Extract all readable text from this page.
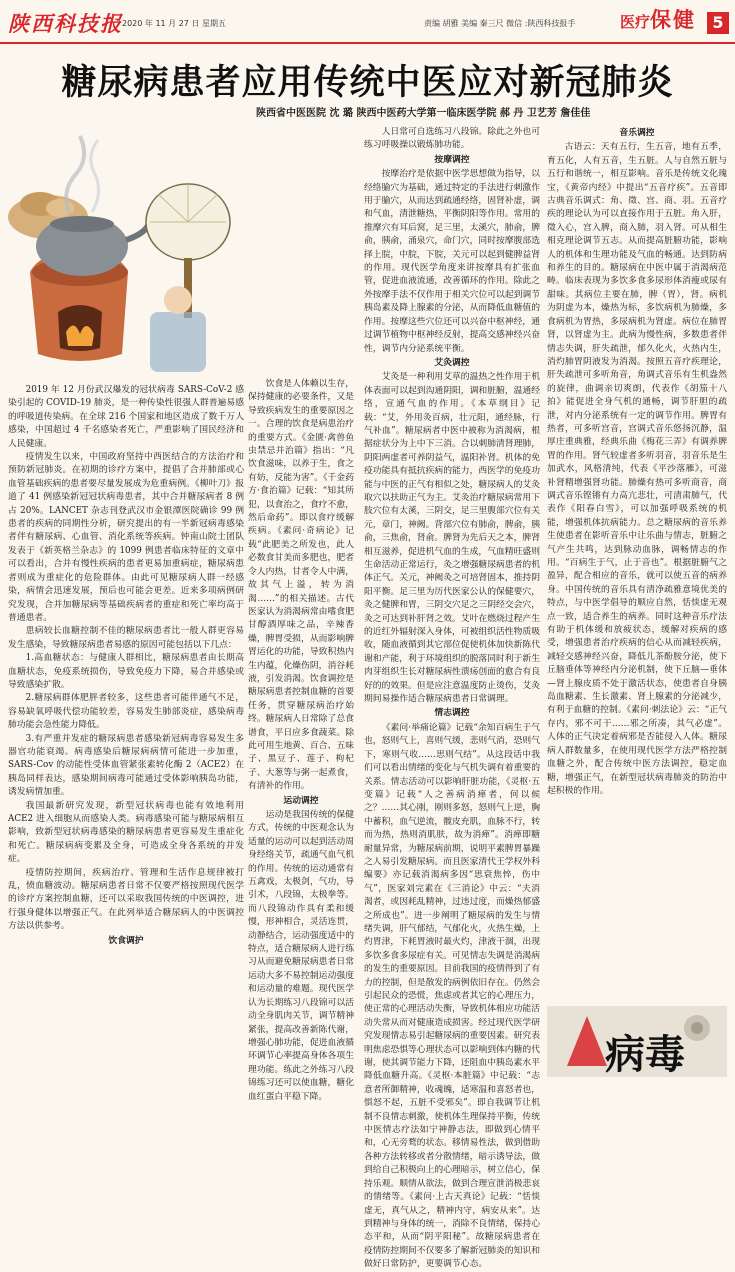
陕西科技报 2020 年 11 月 27 日 星期五	责编 胡雅 美编 秦三尺 微信 :陕西科技报手	医疗 保健	5
糖尿病患者应用传统中医应对新冠肺炎
陕西省中医医院 沈 璐 陕西中医药大学第一临床医学院 郝 丹 卫艺芳 詹佳佳

2019 年 12 月份武汉爆发的冠状病毒 SARS-CoV-2 感染引起的 COVID-19 肺炎，是一种传染性很强人群普遍易感的呼吸道传染病。在全球 216 个国家和地区造成了数千万人感染，中国超过 4 千名感染者死亡，严重影响了国民经济和人民健康。

疫情发生以来，中国政府坚持中西医结合的方法治疗和预防新冠肺炎。在初期的诊疗方案中，提倡了合并肺部或心血管基础疾病的患者要尽量发展成为危重病例。《柳叶刀》报道了 41 例感染新冠冠状病毒患者，其中合并糖尿病者 8 例占 20%。LANCET 杂志刊登武汉市金银潭医院确诊 99 例患者的疾病的同期性分析，研究提出的有一半新冠病毒感染者伴有糖尿病、心血管、消化系统等疾病。钟南山院士团队发表于《新英格兰杂志》的 1099 例患者临床特征的文章中可以看出，合并有慢性疾病的患者更易加重病症，糖尿病患者则成为重症化的危险群体。由此可见糖尿病人群一经感染，病情会迅速发展，预后也可能会更差。近来多项病例研究发现，合并加糖尿病等基础疾病者的重症和死亡率均高于普通患者。

患病较长血糖控制不佳的糖尿病患者比一般人群更容易发生感染，导致糖尿病患者易感的原因可能包括以下几点：

1.高血糖状态：与健康人群相比，糖尿病患者由长期高血糖状态，免疫系统损伤，导致免疫力下降，易合并感染或导致感染扩散。

2.糖尿病群体肥胖者较多，这些患者可能伴通气不足，容易缺氧呼吸代偿功能较差，容易发生肺部炎症，感染病毒肺功能会急性能力降低。

3.有严重并发症的糖尿病患者感染新冠病毒容易发生多器官功能衰竭。病毒感染后糖尿病病情可能进一步加重，SARS-Cov 的动能性受体血管紧张素转化酶 2（ACE2）在胰岛同样表达，感染期间病毒可能通过受体影响胰岛功能，诱发病情加重。

我国最新研究发现，新型冠状病毒也能有效地利用 ACE2 进入细胞从而感染人类。病毒感染可能与糖尿病相互影响，致新型冠状病毒感染的糖尿病患者更容易发生重症化和死亡。糖尿病病变累及全身，可造成全身各系统的并发症。

疫情防控期间，疾病治疗、管理和生活作息规律被打乱，愤血糖波动。糖尿病患者日常不仅要严格按照现代医学的诊疗方案控制血糖，还可以采取我国传统的中医调控，进行强身健体以增强正气。在此列举适合糖尿病人的中医调控方法以供参考。

饮食调护

饮食是人体赖以生存，保持健康的必要条件，又是导致疾病发生的重要原因之一。合理的饮食是病患治疗的重要方式。《金匮·禽兽鱼虫禁忌并治篇》指出：“凡饮食滋味，以养于生，食之有妨，反能为害”。《千金药方·食治篇》记载：“知其所犯，以食治之，食疗不愈，然后命药”。即以食疗缓解疾病。《素问·奇病论》记载“此肥美之所发也，此人必数食甘美而多肥也，肥者令人内热，甘者令人中满，故其气上溢，转为消渴……”的相关描述。古代医家认为消渴病常由嗜食肥甘醇酒厚味之品，辛辣香燥，脾胃受损，从而影响脾胃运化的功能，导致积热内生内蕴，化燥伤阴，消谷耗液，引发消渴。饮食调控是糖尿病患者控制血糖的首要任务，贯穿糖尿病治疗始终。糖尿病人日常除了总食谱食，平日应多食蔬菜。除此可用生地黄、百合、五味子、黑豆子、莲子、枸杞子、大葱等与粥一起煮食，有清补的作用。

运动调控

运动是我国传统的保健方式，传统的中医观念认为适量的运动可以起到活动周身经络关节，疏通气血气机的作用。传统的运动通常有五禽戏，太极剑，气功，导引术，八段锦，太极拳等。而八段锦动作具有柔和缓慢，形神相合，灵活连贯，动静结合，运动强度适中的特点，适合糖尿病人进行练习从而避免糖尿病患者日常运动大多不易控制运动强度和运动量的难题。现代医学认为长期练习八段锦可以活动全身肌肉关节，调节精神紧张，提高改善新陈代谢，增强心肺功能，促进血液循环调节心率提高身体各项生理功能。练此之外练习八段锦练习还可以使血糖，糖化血红蛋白平稳下降。

人日常可自选练习八段锦。除此之外也可练习呼吸操以锻炼肺功能。

按摩调控

按摩治疗是依据中医学思想做为指导，以经络腧穴为基础，通过特定的手法进行刺激作用于腧穴，从而达到疏通经络，固肾补虚，调和气血，清泄糖热，平衡阴阳等作用。常用的推摩穴有耳后窝，足三里，太溪穴，肺俞，脾俞，胰俞，涌泉穴，命门穴，同时按摩腹部选择上脘，中脘，下脘，关元可以起到健脾益肾的作用。现代医学角度来讲按摩具有扩张血管，促进血液流通，改善循环的作用。除此之外按摩手法不仅作用于相关穴位可以起到调节胰岛素及降上腺素的分泌，从而降低血糖值的作用。按摩这些穴位还可以兴奋中枢神经，通过调节植物中枢神经反射，提高交感神经兴奋性，调节内分泌系统平衡。

艾灸调控

艾灸是一种利用艾草的温热之性作用于机体表面可以起到沟通阴阳，调和脏腑，温通经络，宣通气血的作用。《本草纲目》记载：“艾，外用灸百病，壮元阳，通经脉，行气补血”。糖尿病者中医中被称为消渴病，根据症状分为上中下三消。合以刺肺清肾理肺，阴阳两虚者可养阴益气，温阳补肾。机体的免疫功能具有抵抗疾病的能力，西医学的免疫功能与中医的正气有相似之处，糖尿病人的艾灸取穴以扶助正气为主。艾灸治疗糖尿病常用下肢穴位有太溪，三阴交，足三里腹部穴位有关元，章门，神阙。背部穴位有肺俞，脾俞，胰俞，三焦俞，肾俞。脾肾为先后天之本，脾肾相互滋养，促进机气血的生成，气血精旺盛则生命活动正常运行，灸之增强糖尿病患者的机体正气。关元，神阙灸之可培肾固本，推持阴阳平衡。足三里为历代医家公认的保健要穴，灸之健脾和胃，三阴交穴足之三阴经交会穴，灸之可达到补肝肾之效。艾叶在燃烧过程产生的近红外辐射深入身体，可被组织活性物质吸收，随血液循到其它部位促使机体加快新陈代谢和产能，利于环境组织的脱落同时利于新生肉芽组织生长对糖尿病性溃疡创面的愈合有良好的的效果。但是应注意温度防止烫伤，艾灸期间易操作适合糖尿病患者日常调理。

情志调控

《素问·举痛论篇》记载“余知百病生于气也，怒则气上，喜则气缓，悲则气消，恐则气下，寒则气收……思则气结”。从这段话中我们可以看出情绪的变化与气机失调有着重要的关系。情志活动可以影响肝脏功能，《灵枢·五变篇》记载“人之善病消瘅者，何以候之？……其心刚，刚则多怒，怒则气上逆，胸中蓄积，血气逆流，髋皮充肌，血脉不行，转而为热，热则消肌肤，故为消瘅”。消瘅即糖耐量异常，为糖尿病前期，说明平素脾胃暴躁之人易引发糖尿病。而且医家清代王学权外科编要》亦记载消渴病多因“思衰焦悴，伤中气”，医家刘完素在《三消论》中云：“夫消渴者，或因耗乱精神，过违过度，而燥热郁盛之所成也”。进一步阐明了糖尿病的发生与情绪失调，肝气郁结，气郁化火，火热生燥，上灼胃津，下耗胃液时最火灼，津液干涸，出现多饮多食多尿症有关。可见情志失调是消渴病的发生的重要原因。目前我国的疫情得到了有力的控制，但是散发的病例依旧存在。仍然会引起民众的恐慌，焦虑或者其它的心理压力，使正常的心理活动失衡，导致机体相应功能活动失常从而对健康造成损害。经过现代医学研究发现情志易引起糖尿病的重要因素。研究表明焦虑恐惧等心理状态可以影响到体内糖的代谢，使其调节能力下降，还阻血中胰岛素水平降低血糖升高。《灵枢·本脏篇》中记载：“志意者所御精神，收魂魄，适寒温和喜怒者也，惧怒不起，五脏不受邪矣”。即自我调节让机制不良情志刺激，使机体生理保持平衡，传统中医情志疗法如宁神静志法，即做到心情平和，心无旁鹜的状态。移情易性法，做到借助各种方法转移或者分散情绪，暗示诱导法，做到给自己积极向上的心理暗示，树立信心，保持乐观。顺情从欲法，做到合理宣泄消极悲哀的情绪等。《素问·上古天真论》记载：“恬惔虚无，真气从之，精神内守，病安从来”。达到精神与身体的统一，消除不良情绪，保持心态平和，从而“阴平阳秘”。故糖尿病患者在疫情防控期间不仅要多了解新冠肺炎的知识和做好日常防护，更要调节心态。

音乐调控

古语云：天有五行，生五音，地有五季，育五化，人有五音，生五脏。人与自然五脏与五行和谐统一，相互影响。音乐是传统文化瑰宝，《黄帝内经》中提出“五音疗疾”。五音即古典音乐调式：角、徵、宫、商、羽。五音疗疾的理论认为可以直接作用于五脏。角入肝，徵入心，宫入脾，商入肺，羽入肾。可从相生相克理论调节五志。从而提高脏腑功能，影响人的机体和生理功能及气血的畅通。达到防病和养生的目的。糖尿病在中医中属于消渴病范畴。临床表现为多饮多食多尿形体消瘦或尿有甜味。其病位主要在肺，脾（胃），肾。病机为阴虚为本，燥热为标，多饮病机为肺燥，多食病机为胃热，多尿病机为肾虚。病位在肺胃肾，以肾虚为主。此病为慢性病，多数患者伴情志失调，肝失疏泄，郁久化火，火热内生，消灼肺胃阴液发为消渴。按照五音疗疾理论，肝失疏泄可多听角音，角调式音乐有生机盎然的旋律，曲调亲切爽朗，代表作《胡笳十八拍》能促进全身气机的通畅，调节肝胆的疏泄，对内分泌系统有一定的调节作用。脾胃有热者，可多听宫音，宫调式音乐悠扬沉静，温厚庄重典雅，经典乐曲《梅花三弄》有调养脾胃的作用。肾气较虚者多听羽音，羽音乐是生加武水，风格清纯，代表《平沙落雁》，可滋补肾精增强肾功能。肺燥有热可多听商音，商调式音乐铿锵有力高亢悲壮，可清肃肺气，代表作《阳春白雪》，可以加强呼吸系统的机能，增强机体抗病能力。总之糖尿病的音乐养生使患者在影听音乐中让乐曲与情志，脏腑之气产生共鸣，达到脉动血脉，调畅情志的作用。“百病生于气，止于音也”。根据脏腑气之盈异，配合相应的音乐，就可以使五音的病养身。中国传统的音乐具有清净疏雅意境优美的特点，与中医学倡导的顺应自然，恬惔虚无观点一致，适合养生的病养。同时这种音乐疗法有助于机体缓和放疲状态，缓解对疾病的感受，增强患者治疗疾病的信心从而减轻疾病，减轻交感神经兴奋，降低儿茶酚胺分泌，使下丘脑垂体等神经内分泌机制，使下丘脑—垂体—肾上腺皮质不处于激活状态，使患者自身胰岛血糖素、生长激素、肾上腺素的分泌减少，有利于血糖的控制。《素问·刺法论》云：“正气存内，邪不可干……邪之所凑，其气必虚”。人体的正气决定着病邪是否能侵入人体。糖尿病人群数量多，在使用现代医学方法严格控制血糖之外，配合传统中医方法调控，稳定血糖，增强正气，在新型冠状病毒肺炎的防治中起积极的作用。

病毒
